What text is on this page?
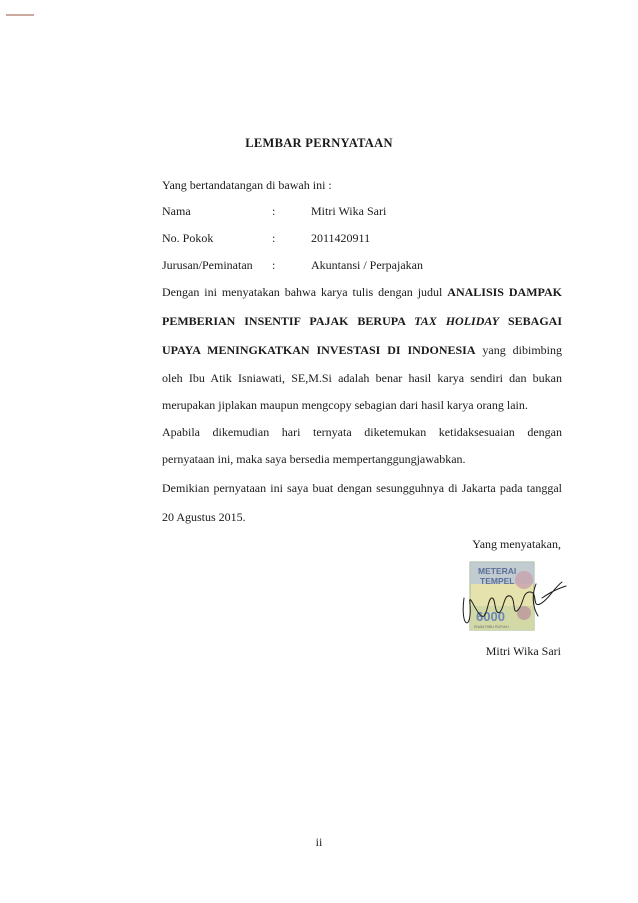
LEMBAR PERNYATAAN
Yang bertandatangan di bawah ini :
Nama	:	Mitri Wika Sari
No. Pokok	:	2011420911
Jurusan/Peminatan :	Akuntansi / Perpajakan
Dengan ini menyatakan bahwa karya tulis dengan judul ANALISIS DAMPAK
PEMBERIAN INSENTIF PAJAK BERUPA TAX HOLIDAY SEBAGAI
UPAYA MENINGKATKAN INVESTASI DI INDONESIA yang dibimbing
oleh Ibu Atik Isniawati, SE,M.Si adalah benar hasil karya sendiri dan bukan
merupakan jiplakan maupun mengcopy sebagian dari hasil karya orang lain.
Apabila dikemudian hari ternyata diketemukan ketidaksesuaian dengan
pernyataan ini, maka saya bersedia mempertanggungjawabkan.
Demikian pernyataan ini saya buat dengan sesungguhnya di Jakarta pada tanggal
20 Agustus 2015.
Yang menyatakan,
METERAI
TEMPEL
6000
ENAM RIBU RUPIAH
Mitri Wika Sari
ii
